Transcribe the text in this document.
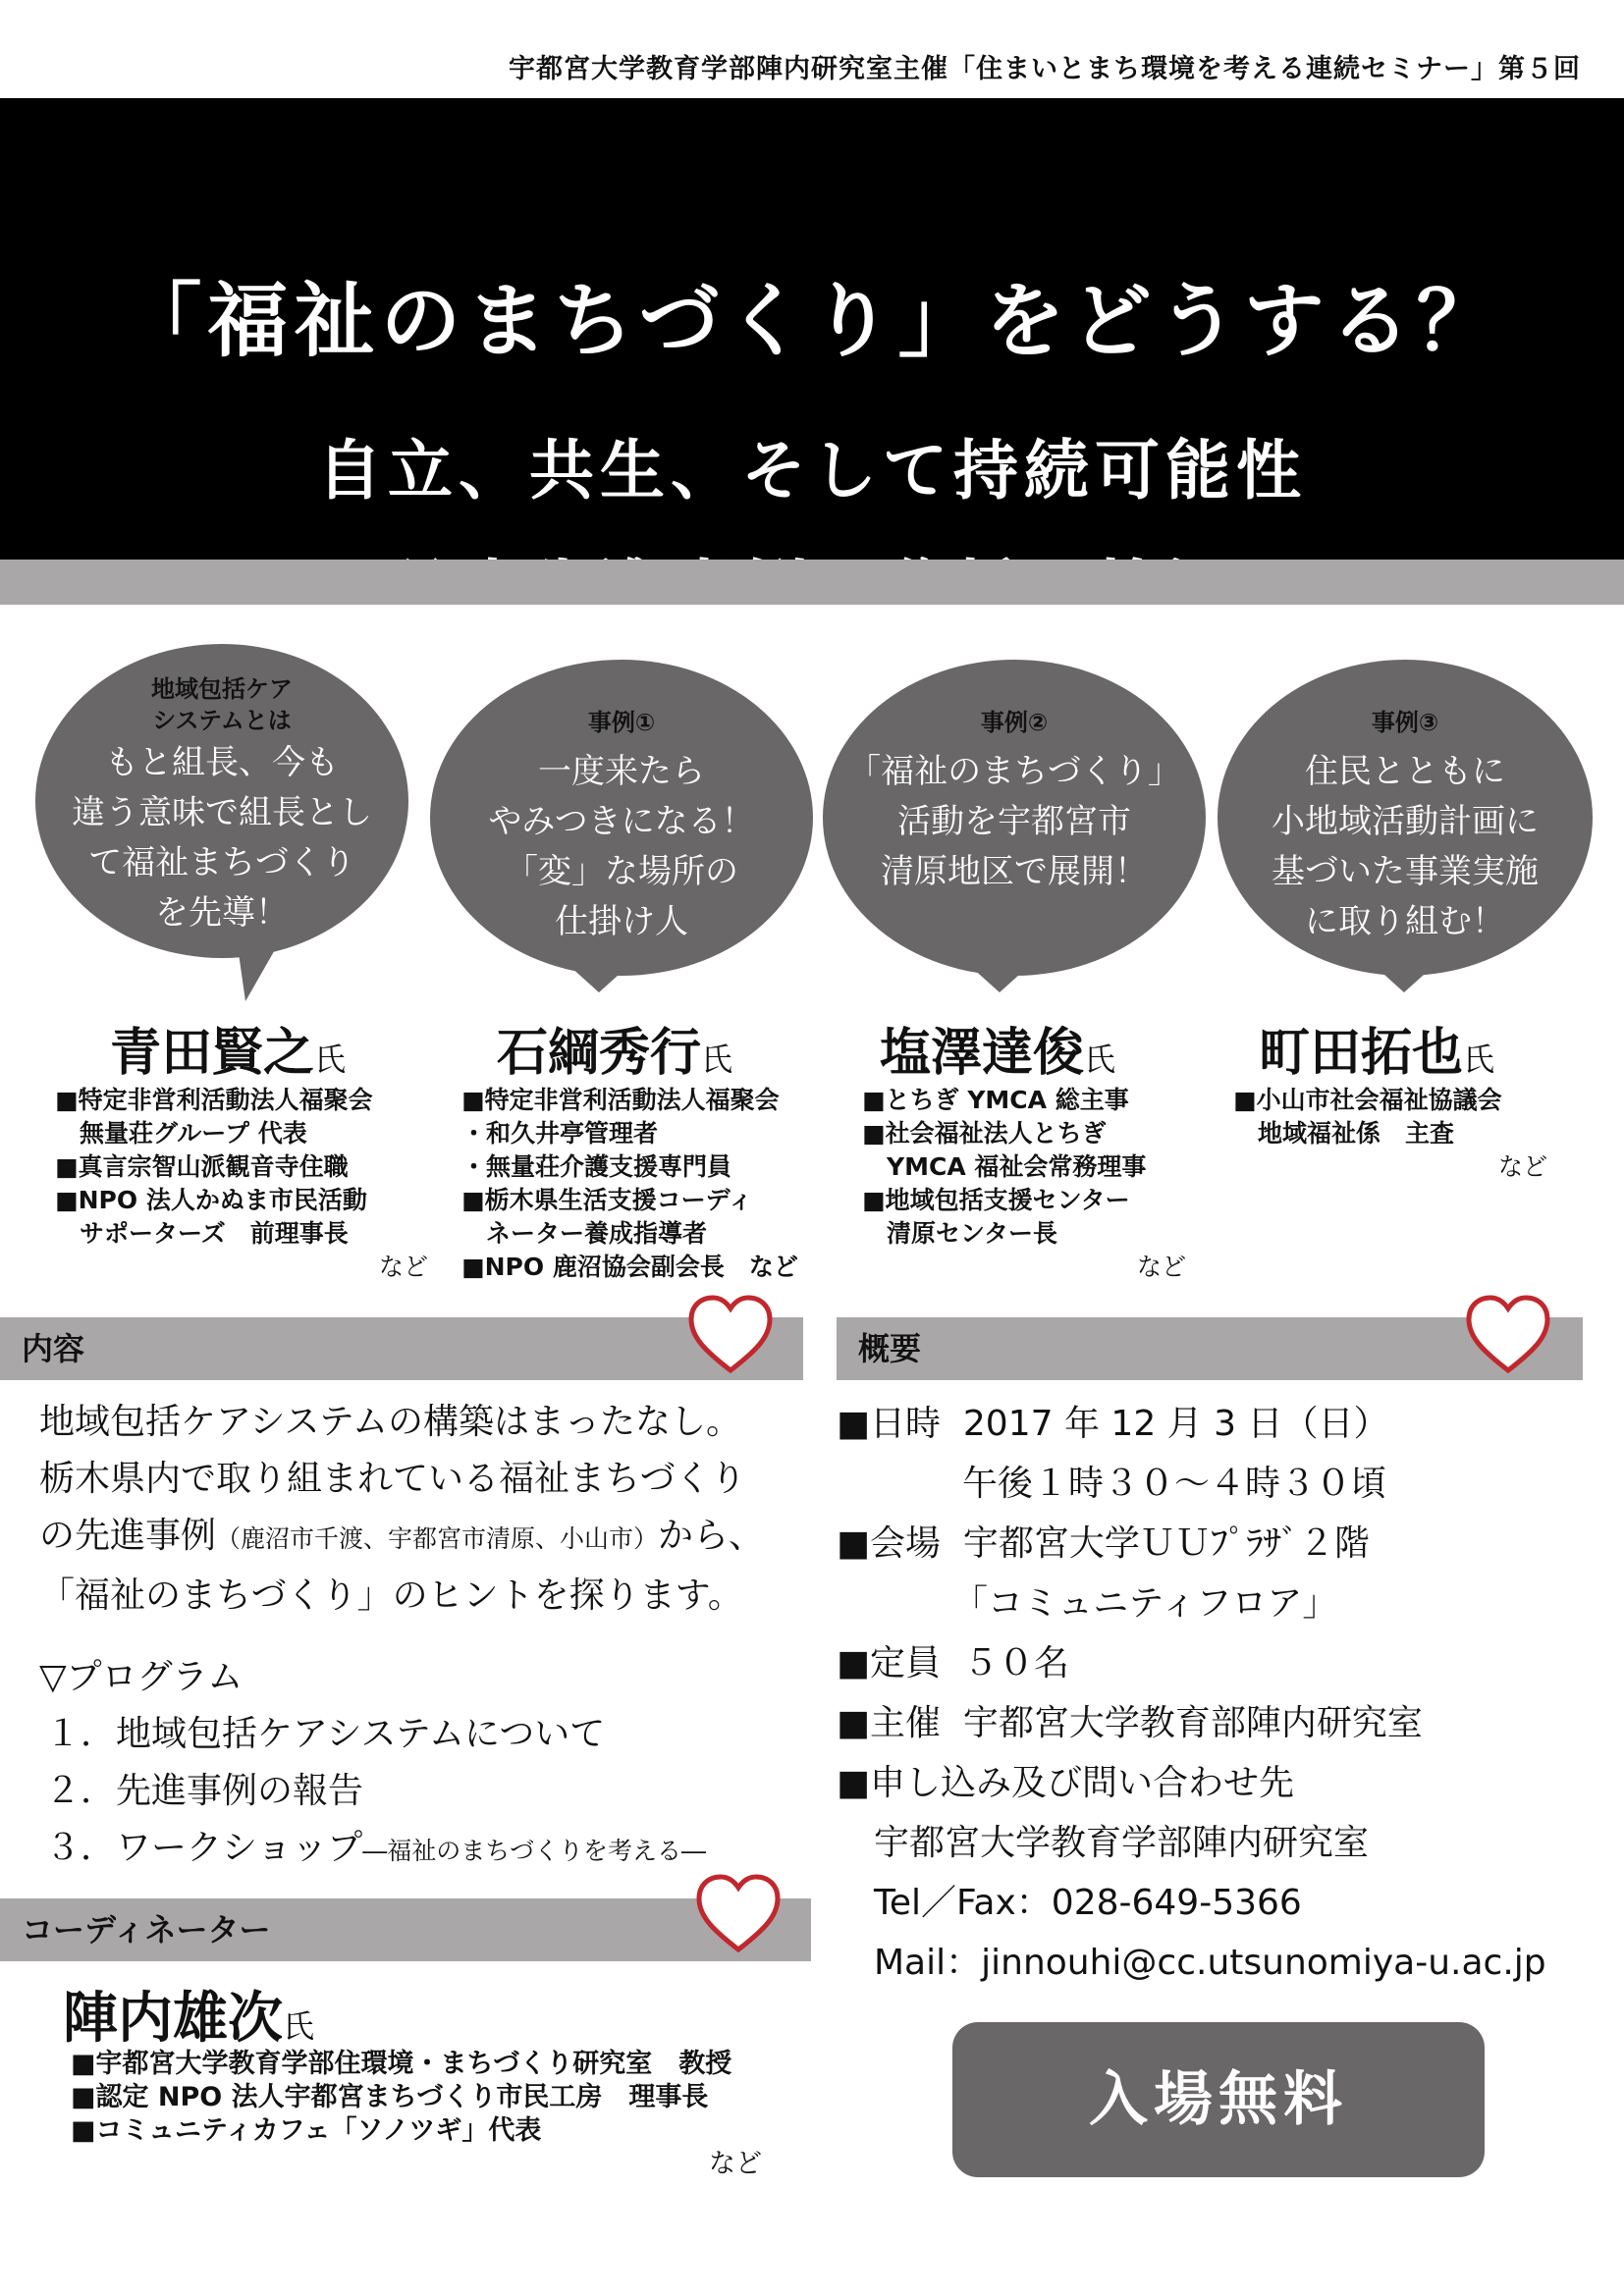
宇都宮大学教育学部陣内研究室主催「住まいとまち環境を考える連続セミナー」第５回
「福祉のまちづくり」をどうする？
自立、共生、そして持続可能性
地域包括ケア
システムとは
もと組長、今も
違う意味で組長とし
て福祉まちづくり
を先導！
事例①
一度来たら
やみつきになる！
「変」な場所の
仕掛け人
事例②
「福祉のまちづくり」
活動を宇都宮市
清原地区で展開！
事例③
住民とともに
小地域活動計画に
基づいた事業実施
に取り組む！
青田賢之氏	石綱秀行氏	塩澤達俊氏	町田拓也氏
■特定非営利活動法人福聚会
　無量荘グループ 代表
■真言宗智山派観音寺住職
■NPO 法人かぬま市民活動
　サポーターズ　前理事長
など
■特定非営利活動法人福聚会
・和久井亭管理者
・無量荘介護支援専門員
■栃木県生活支援コーディ
　ネーター養成指導者
■NPO 鹿沼協会副会長　など
■とちぎ YMCA 総主事
■社会福祉法人とちぎ
　YMCA 福祉会常務理事
■地域包括支援センター
　清原センター長
など
■小山市社会福祉協議会
　地域福祉係　主査
など
内容	概要
コーディネーター
地域包括ケアシステムの構築はまったなし。
栃木県内で取り組まれている福祉まちづくり
の先進事例（鹿沼市千渡、宇都宮市清原、小山市）から、
「福祉のまちづくり」のヒントを探ります。
▽プログラム
１．地域包括ケアシステムについて
２．先進事例の報告
３．ワークショップ―福祉のまちづくりを考える―
■日時 2017 年 12 月 3 日（日）
午後１時３０～４時３０頃
■会場 宇都宮大学ＵＵﾌﾟﾗｻﾞ２階
「コミュニティフロア」
■定員 ５０名
■主催 宇都宮大学教育部陣内研究室
■申し込み及び問い合わせ先
宇都宮大学教育学部陣内研究室
Tel／Fax：028-649-5366
Mail：jinnouhi@cc.utsunomiya-u.ac.jp
陣内雄次氏
■宇都宮大学教育学部住環境・まちづくり研究室　教授
■認定 NPO 法人宇都宮まちづくり市民工房　理事長
■コミュニティカフェ「ソノツギ」代表
など
入場無料
